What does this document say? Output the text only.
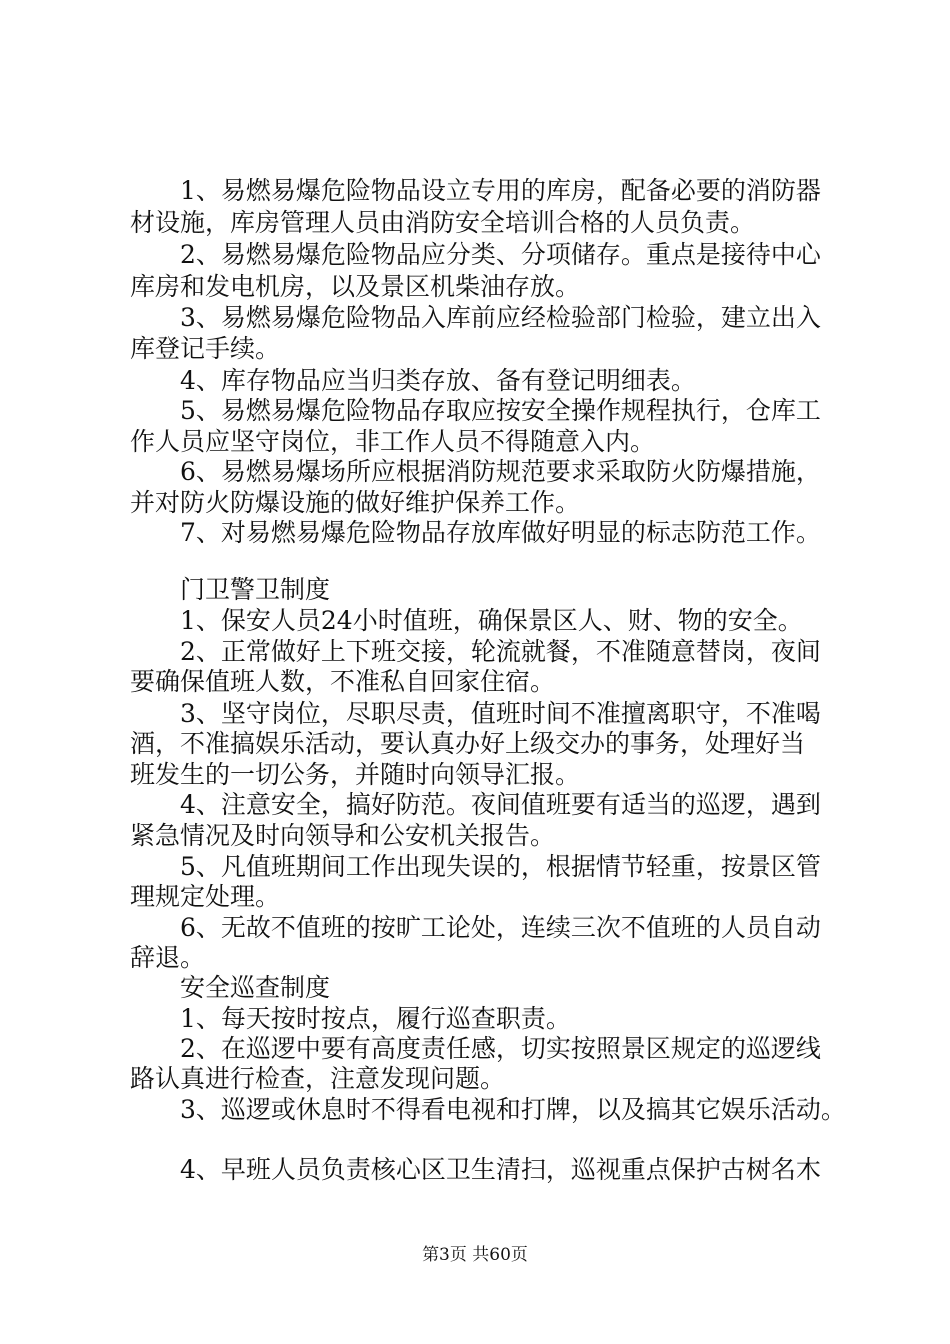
　　1、易燃易爆危险物品设立专用的库房，配备必要的消防器
材设施，库房管理人员由消防安全培训合格的人员负责。
　　2、易燃易爆危险物品应分类、分项储存。重点是接待中心
库房和发电机房，以及景区机柴油存放。
　　3、易燃易爆危险物品入库前应经检验部门检验，建立出入
库登记手续。
　　4、库存物品应当归类存放、备有登记明细表。
　　5、易燃易爆危险物品存取应按安全操作规程执行，仓库工
作人员应坚守岗位，非工作人员不得随意入内。
　　6、易燃易爆场所应根据消防规范要求采取防火防爆措施，
并对防火防爆设施的做好维护保养工作。
　　7、对易燃易爆危险物品存放库做好明显的标志防范工作。
　　门卫警卫制度
　　1、保安人员24小时值班，确保景区人、财、物的安全。
　　2、正常做好上下班交接，轮流就餐，不准随意替岗，夜间
要确保值班人数，不准私自回家住宿。
　　3、坚守岗位，尽职尽责，值班时间不准擅离职守，不准喝
酒，不准搞娱乐活动，要认真办好上级交办的事务，处理好当
班发生的一切公务，并随时向领导汇报。
　　4、注意安全，搞好防范。夜间值班要有适当的巡逻，遇到
紧急情况及时向领导和公安机关报告。
　　5、凡值班期间工作出现失误的，根据情节轻重，按景区管
理规定处理。
　　6、无故不值班的按旷工论处，连续三次不值班的人员自动
辞退。
　　安全巡查制度
　　1、每天按时按点，履行巡查职责。
　　2、在巡逻中要有高度责任感，切实按照景区规定的巡逻线
路认真进行检查，注意发现问题。
　　3、巡逻或休息时不得看电视和打牌，以及搞其它娱乐活动。
　　4、早班人员负责核心区卫生清扫，巡视重点保护古树名木
第3页 共60页
